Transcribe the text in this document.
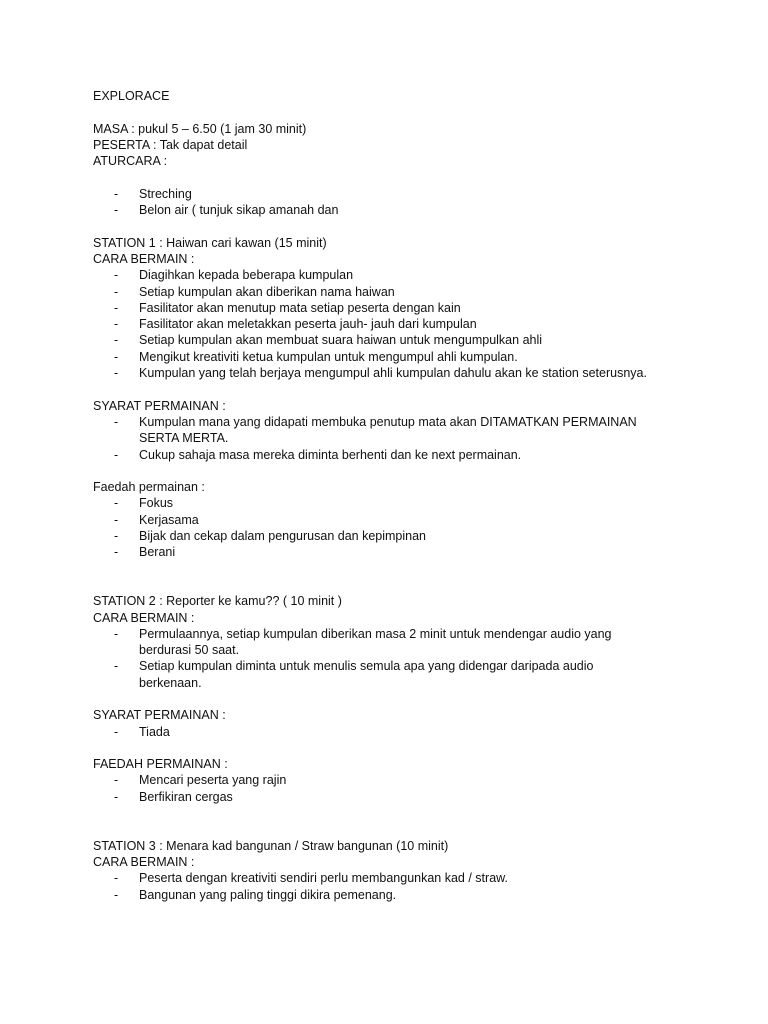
EXPLORACE
MASA : pukul 5 – 6.50 (1 jam 30 minit)
PESERTA : Tak dapat detail
ATURCARA :
- Streching
- Belon air ( tunjuk sikap amanah dan
STATION 1 : Haiwan cari kawan (15 minit)
CARA BERMAIN :
- Diagihkan kepada beberapa kumpulan
- Setiap kumpulan akan diberikan nama haiwan
- Fasilitator akan menutup mata setiap peserta dengan kain
- Fasilitator akan meletakkan peserta jauh- jauh dari kumpulan
- Setiap kumpulan akan membuat suara haiwan untuk mengumpulkan ahli
- Mengikut kreativiti ketua kumpulan untuk mengumpul ahli kumpulan.
- Kumpulan yang telah berjaya mengumpul ahli kumpulan dahulu akan ke station seterusnya.
SYARAT PERMAINAN :
- Kumpulan mana yang didapati membuka penutup mata akan DITAMATKAN PERMAINAN SERTA MERTA.
- Cukup sahaja masa mereka diminta berhenti dan ke next permainan.
Faedah permainan :
- Fokus
- Kerjasama
- Bijak dan cekap dalam pengurusan dan kepimpinan
- Berani
STATION 2 : Reporter ke kamu?? ( 10 minit )
CARA BERMAIN :
- Permulaannya, setiap kumpulan diberikan masa 2 minit untuk mendengar audio yang berdurasi 50 saat.
- Setiap kumpulan diminta untuk menulis semula apa yang didengar daripada audio berkenaan.
SYARAT PERMAINAN :
- Tiada
FAEDAH PERMAINAN :
- Mencari peserta yang rajin
- Berfikiran cergas
STATION 3 : Menara kad bangunan / Straw bangunan (10 minit)
CARA BERMAIN :
- Peserta dengan kreativiti sendiri perlu membangunkan kad / straw.
- Bangunan yang paling tinggi dikira pemenang.
